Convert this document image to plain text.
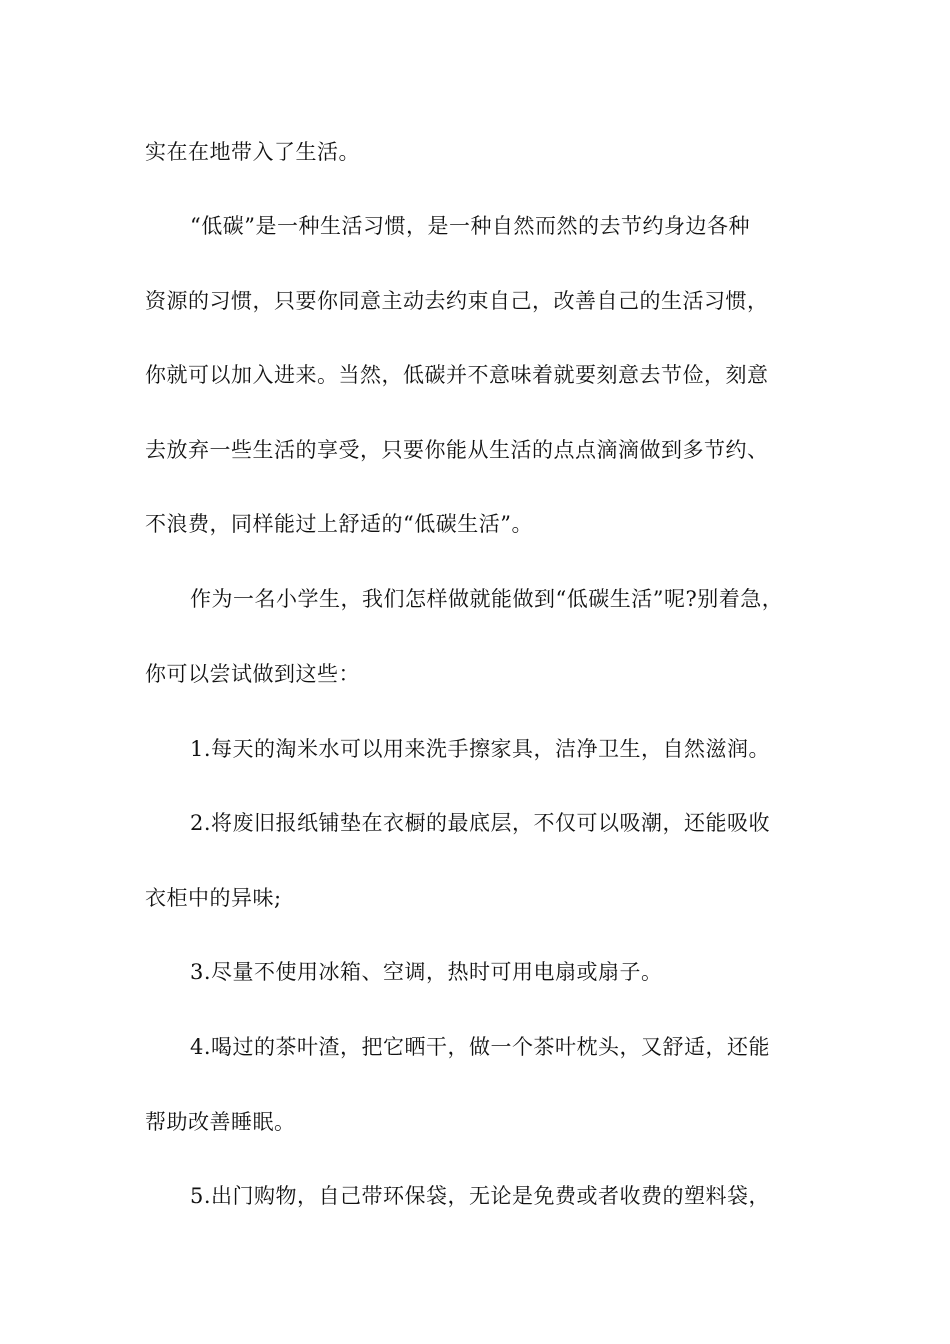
实在在地带入了生活。
“低碳”是一种生活习惯，是一种自然而然的去节约身边各种
资源的习惯，只要你同意主动去约束自己，改善自己的生活习惯，
你就可以加入进来。当然，低碳并不意味着就要刻意去节俭，刻意
去放弃一些生活的享受，只要你能从生活的点点滴滴做到多节约、
不浪费，同样能过上舒适的“低碳生活”。
作为一名小学生，我们怎样做就能做到“低碳生活”呢?别着急，
你可以尝试做到这些：
1.每天的淘米水可以用来洗手擦家具，洁净卫生，自然滋润。
2.将废旧报纸铺垫在衣橱的最底层，不仅可以吸潮，还能吸收
衣柜中的异味;
3.尽量不使用冰箱、空调，热时可用电扇或扇子。
4.喝过的茶叶渣，把它晒干，做一个茶叶枕头，又舒适，还能
帮助改善睡眠。
5.出门购物，自己带环保袋，无论是免费或者收费的塑料袋，
